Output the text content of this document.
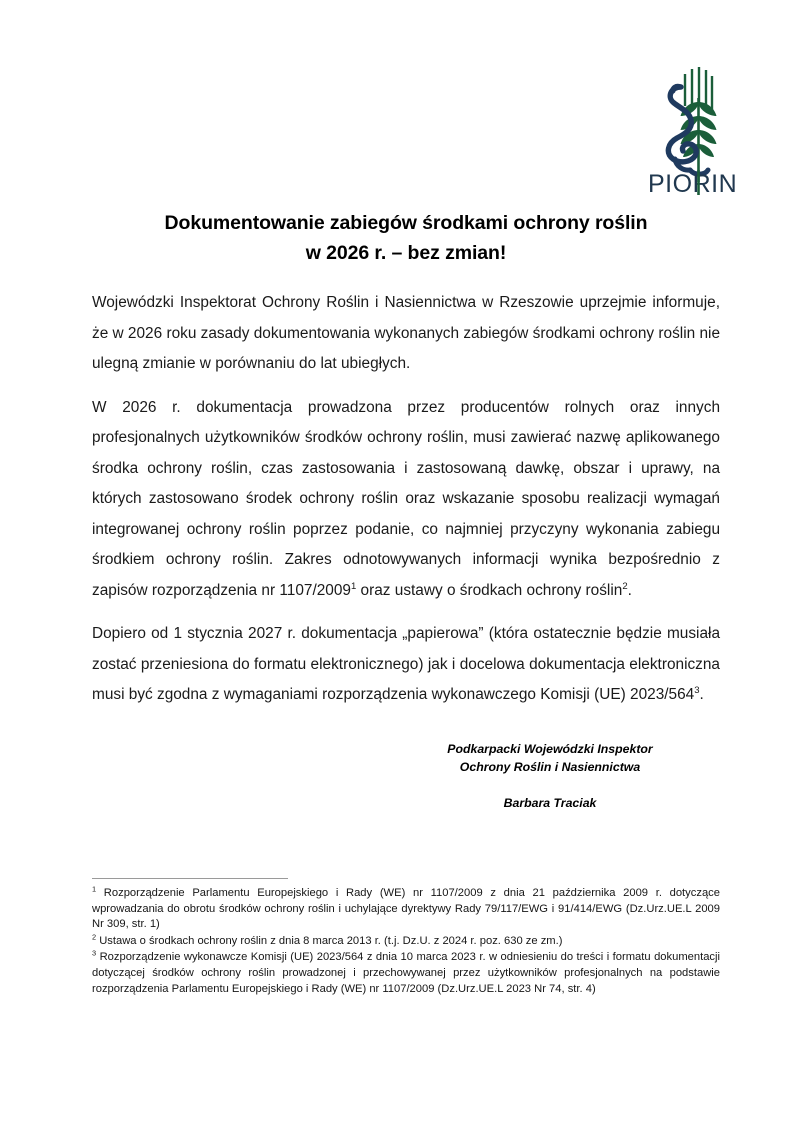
PIORIN
Dokumentowanie zabiegów środkami ochrony roślin
w 2026 r. – bez zmian!

Wojewódzki Inspektorat Ochrony Roślin i Nasiennictwa w Rzeszowie uprzejmie informuje, że w 2026 roku zasady dokumentowania wykonanych zabiegów środkami ochrony roślin nie ulegną zmianie w porównaniu do lat ubiegłych.

W 2026 r. dokumentacja prowadzona przez producentów rolnych oraz innych profesjonalnych użytkowników środków ochrony roślin, musi zawierać nazwę aplikowanego środka ochrony roślin, czas zastosowania i zastosowaną dawkę, obszar i uprawy, na których zastosowano środek ochrony roślin oraz wskazanie sposobu realizacji wymagań integrowanej ochrony roślin poprzez podanie, co najmniej przyczyny wykonania zabiegu środkiem ochrony roślin. Zakres odnotowywanych informacji wynika bezpośrednio z zapisów rozporządzenia nr 1107/2009$^1$ oraz ustawy o środkach ochrony roślin$^2$.

Dopiero od 1 stycznia 2027 r. dokumentacja „papierowa” (która ostatecznie będzie musiała zostać przeniesiona do formatu elektronicznego) jak i docelowa dokumentacja elektroniczna musi być zgodna z wymaganiami rozporządzenia wykonawczego Komisji (UE) $2023/564^3$.

Podkarpacki Wojewódzki Inspektor
Ochrony Roślin i Nasiennictwa
Barbara Traciak

$^1$ Rozporządzenie Parlamentu Europejskiego i Rady (WE) nr 1107/2009 z dnia 21 października 2009 r. dotyczące wprowadzania do obrotu środków ochrony roślin i uchylające dyrektywy Rady 79/117/EWG i 91/414/EWG (Dz.Urz.UE.L 2009 Nr 309, str. 1)

$^2$ Ustawa o środkach ochrony roślin z dnia 8 marca 2013 r. (t.j. Dz.U. z 2024 r. poz. 630 ze zm.)

$^3$ Rozporządzenie wykonawcze Komisji (UE) 2023/564 z dnia 10 marca 2023 r. w odniesieniu do treści i formatu dokumentacji dotyczącej środków ochrony roślin prowadzonej i przechowywanej przez użytkowników profesjonalnych na podstawie rozporządzenia Parlamentu Europejskiego i Rady (WE) nr 1107/2009 (Dz.Urz.UE.L 2023 Nr 74, str. 4)
